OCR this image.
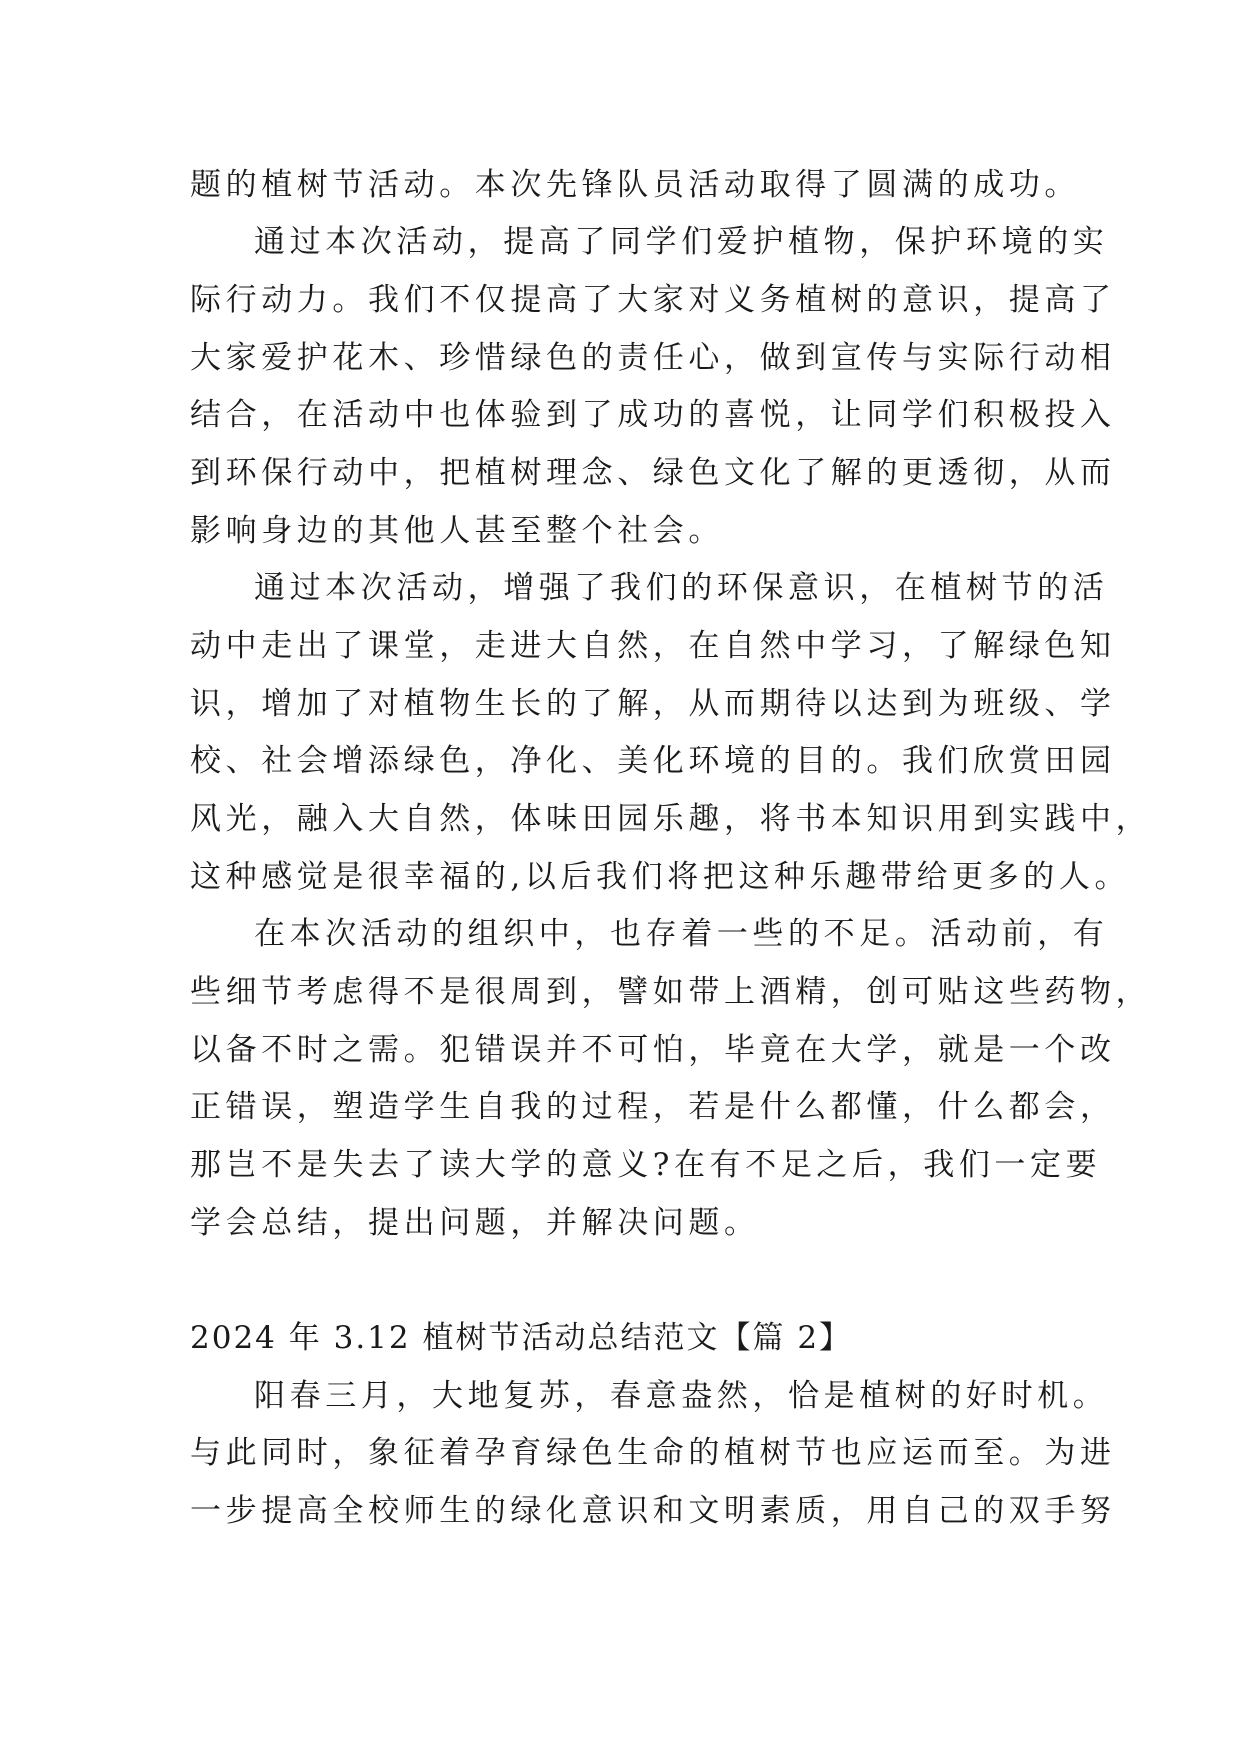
题的植树节活动。本次先锋队员活动取得了圆满的成功。
通过本次活动，提高了同学们爱护植物，保护环境的实
际行动力。我们不仅提高了大家对义务植树的意识，提高了
大家爱护花木、珍惜绿色的责任心，做到宣传与实际行动相
结合，在活动中也体验到了成功的喜悦，让同学们积极投入
到环保行动中，把植树理念、绿色文化了解的更透彻，从而
影响身边的其他人甚至整个社会。
通过本次活动，增强了我们的环保意识，在植树节的活
动中走出了课堂，走进大自然，在自然中学习，了解绿色知
识，增加了对植物生长的了解，从而期待以达到为班级、学
校、社会增添绿色，净化、美化环境的目的。我们欣赏田园
风光，融入大自然，体味田园乐趣，将书本知识用到实践中，
这种感觉是很幸福的,以后我们将把这种乐趣带给更多的人。
在本次活动的组织中，也存着一些的不足。活动前，有
些细节考虑得不是很周到，譬如带上酒精，创可贴这些药物，
以备不时之需。犯错误并不可怕，毕竟在大学，就是一个改
正错误，塑造学生自我的过程，若是什么都懂，什么都会，
那岂不是失去了读大学的意义?在有不足之后，我们一定要
学会总结，提出问题，并解决问题。
2024 年 3.12 植树节活动总结范文【篇 2】
阳春三月，大地复苏，春意盎然，恰是植树的好时机。
与此同时，象征着孕育绿色生命的植树节也应运而至。为进
一步提高全校师生的绿化意识和文明素质，用自己的双手努
